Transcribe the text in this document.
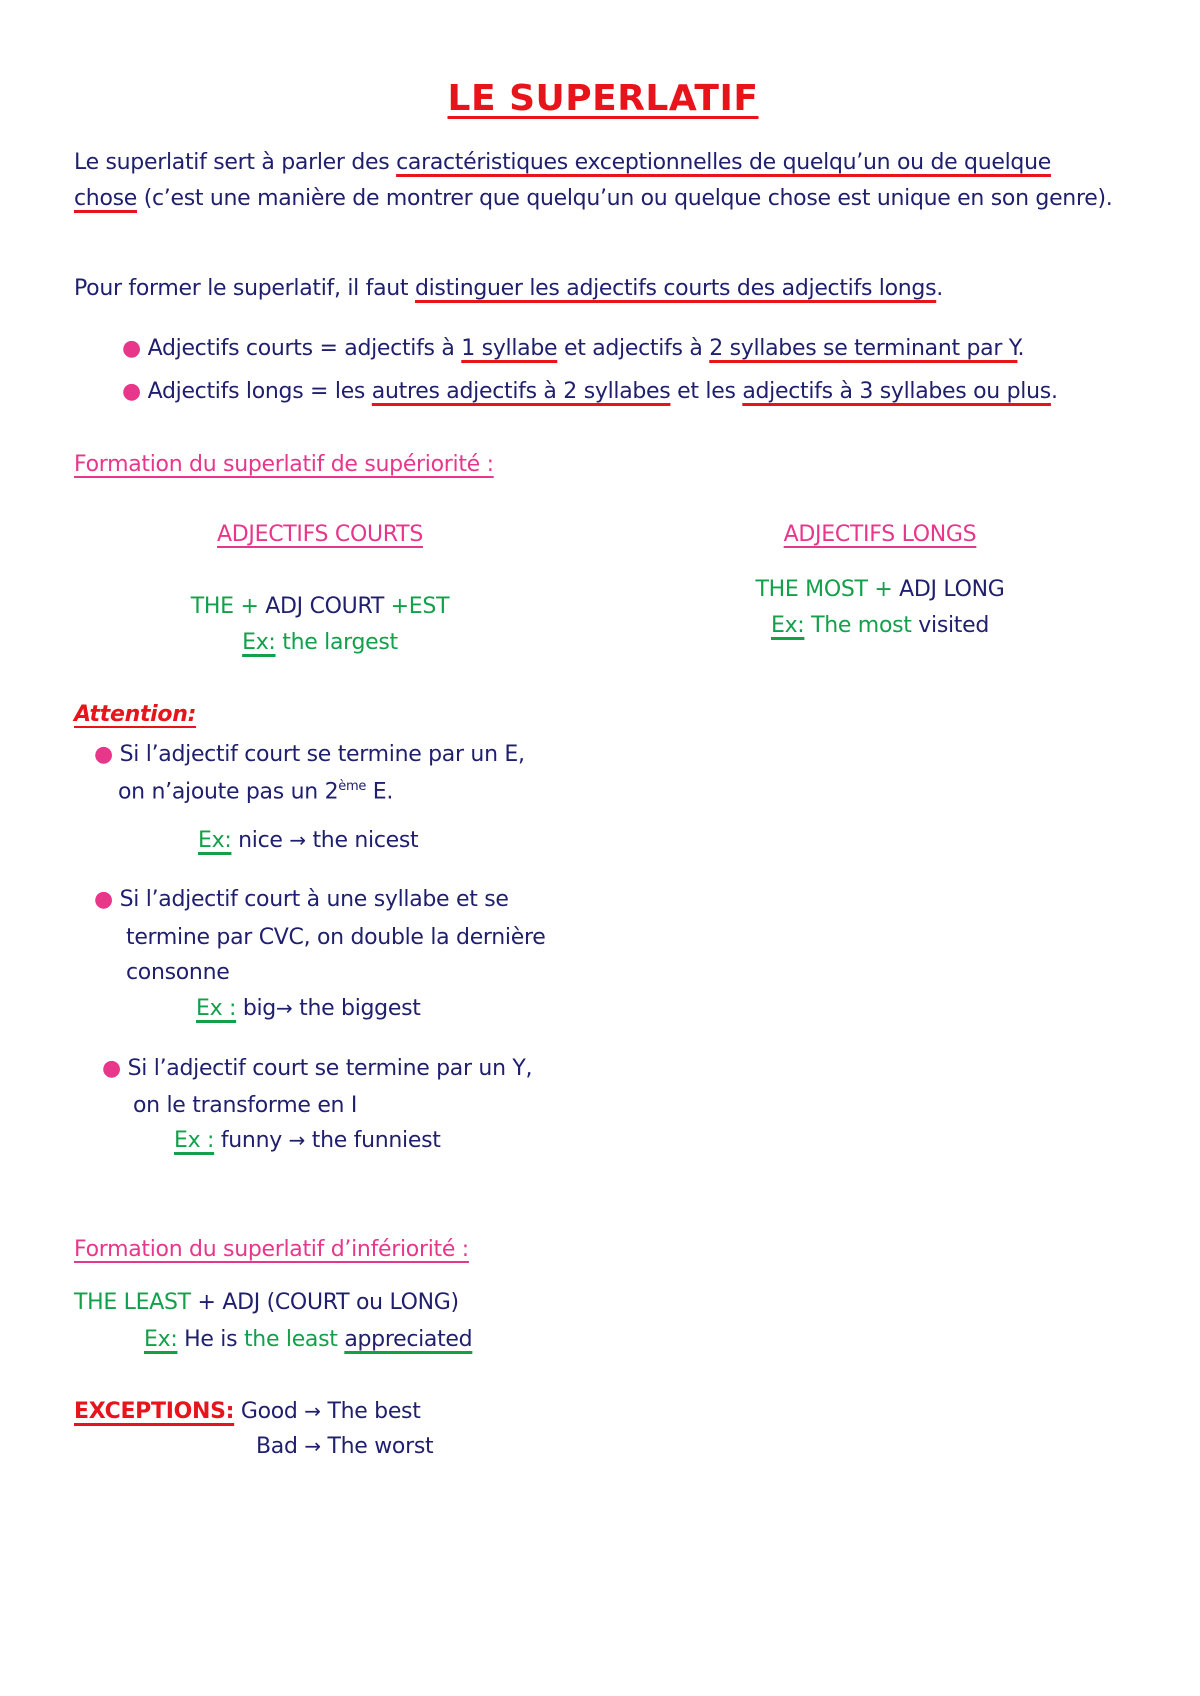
LE SUPERLATIF
Le superlatif sert à parler des caractéristiques exceptionnelles de quelqu’un ou de quelque
chose (c’est une manière de montrer que quelqu’un ou quelque chose est unique en son genre).
Pour former le superlatif, il faut distinguer les adjectifs courts des adjectifs longs.
● Adjectifs courts = adjectifs à 1 syllabe et adjectifs à 2 syllabes se terminant par Y.
● Adjectifs longs = les autres adjectifs à 2 syllabes et les adjectifs à 3 syllabes ou plus.
Formation du superlatif de supériorité :
ADJECTIFS COURTS
THE + ADJ COURT +EST
Ex: the largest
ADJECTIFS LONGS
THE MOST + ADJ LONG
Ex: The most visited
Attention:
● Si l’adjectif court se termine par un E,
on n’ajoute pas un 2ème E.
Ex: nice → the nicest
● Si l’adjectif court à une syllabe et se
termine par CVC, on double la dernière
consonne
Ex : big→ the biggest
● Si l’adjectif court se termine par un Y,
on le transforme en I
Ex : funny → the funniest
Formation du superlatif d’infériorité :
THE LEAST + ADJ (COURT ou LONG)
Ex: He is the least appreciated
EXCEPTIONS: Good → The best
Bad → The worst
